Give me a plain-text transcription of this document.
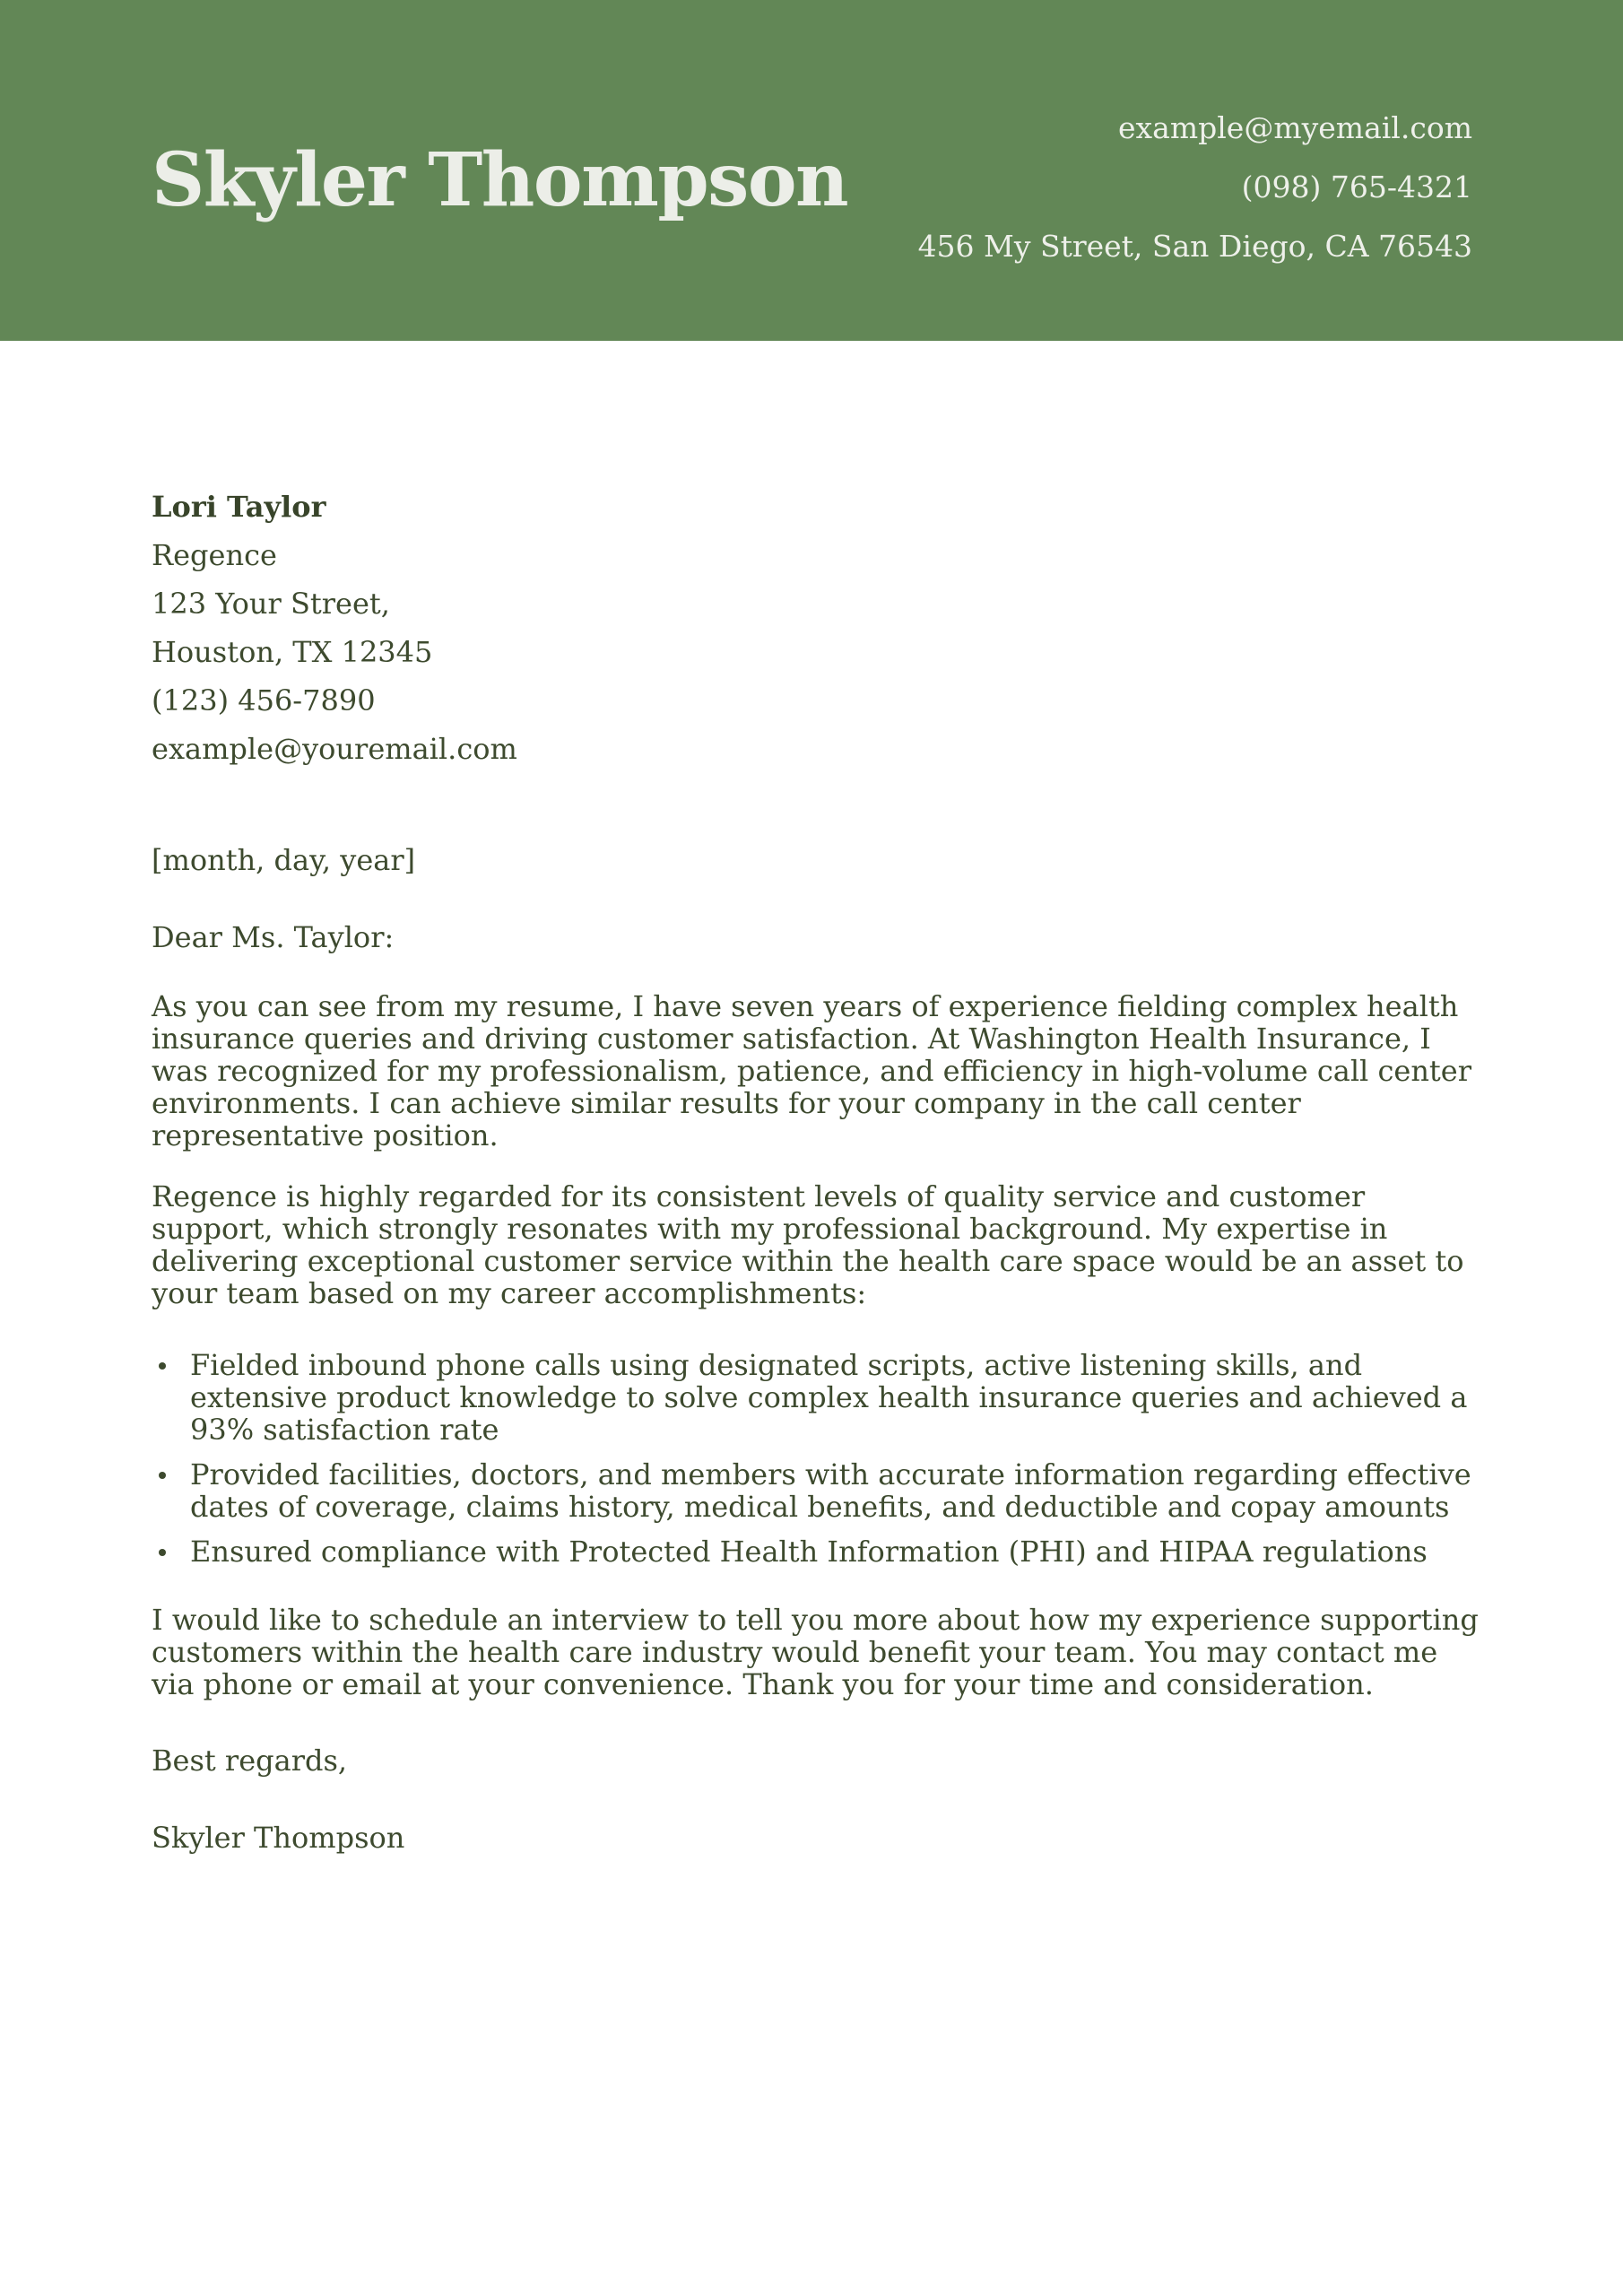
Skyler Thompson
example@myemail.com
(098) 765-4321
456 My Street, San Diego, CA 76543
Lori Taylor
Regence
123 Your Street,
Houston, TX 12345
(123) 456-7890
example@youremail.com
[month, day, year]
Dear Ms. Taylor:

As you can see from my resume, I have seven years of experience fielding complex health insurance queries and driving customer satisfaction. At Washington Health Insurance, I was recognized for my professionalism, patience, and efficiency in high-volume call center environments. I can achieve similar results for your company in the call center representative position.

Regence is highly regarded for its consistent levels of quality service and customer support, which strongly resonates with my professional background. My expertise in delivering exceptional customer service within the health care space would be an asset to your team based on my career accomplishments:

Fielded inbound phone calls using designated scripts, active listening skills, and extensive product knowledge to solve complex health insurance queries and achieved a 93% satisfaction rate
Provided facilities, doctors, and members with accurate information regarding effective dates of coverage, claims history, medical benefits, and deductible and copay amounts
Ensured compliance with Protected Health Information (PHI) and HIPAA regulations

I would like to schedule an interview to tell you more about how my experience supporting customers within the health care industry would benefit your team. You may contact me via phone or email at your convenience. Thank you for your time and consideration.

Best regards,
Skyler Thompson
